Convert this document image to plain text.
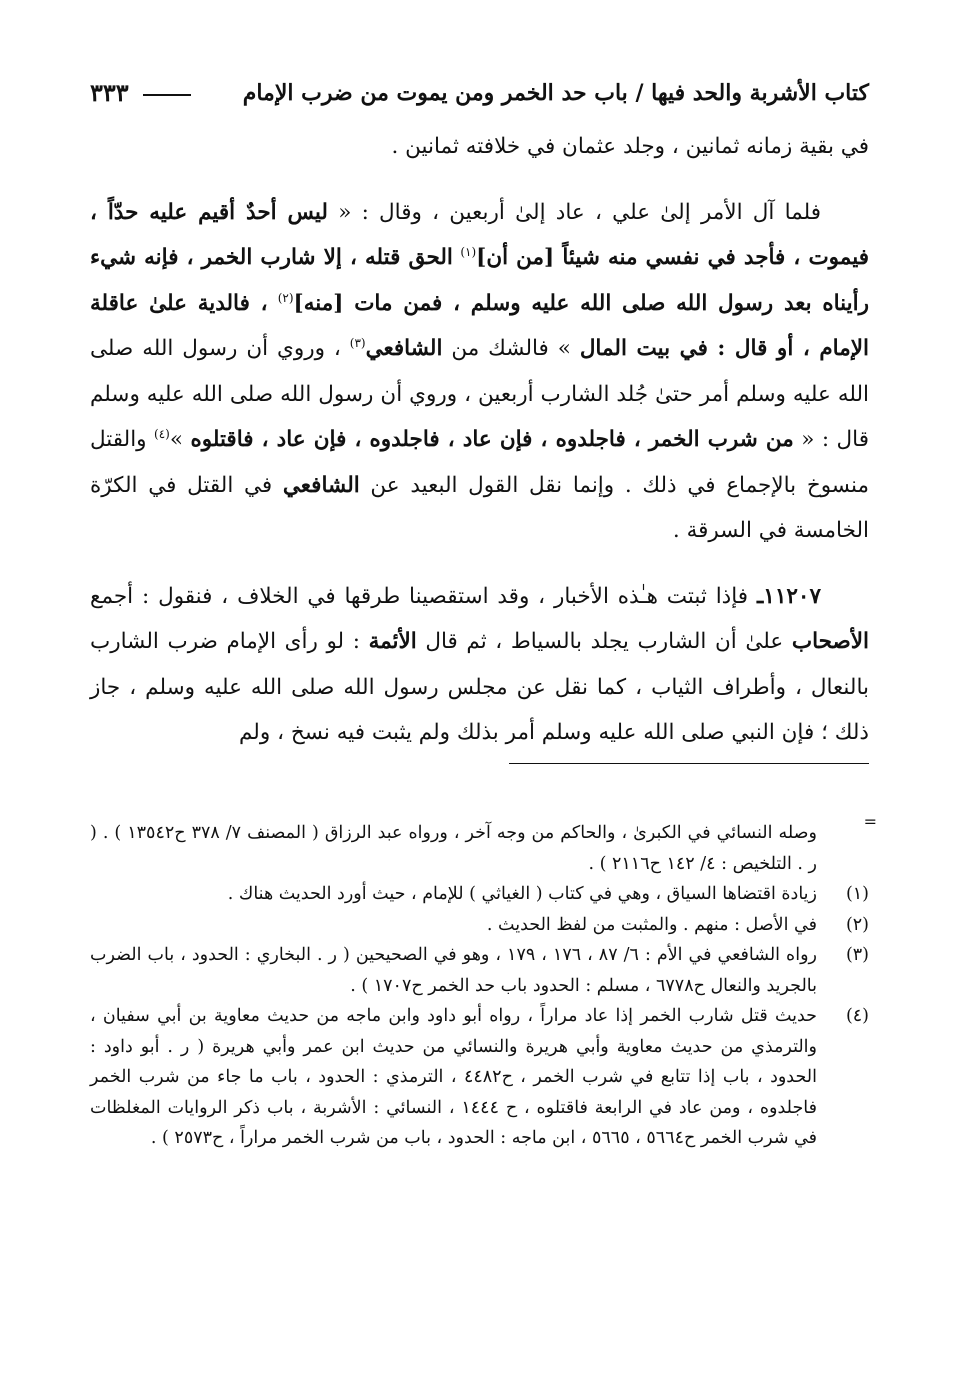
كتاب الأشربة والحد فيها / باب حد الخمر ومن يموت من ضرب الإمام
٣٣٣

في بقية زمانه ثمانين ، وجلد عثمان في خلافته ثمانين .

فلما آل الأمر إلىٰ علي ، عاد إلىٰ أربعين ، وقال : « ليس أحدٌ أقيم عليه حدّاً ، فيموت ، فأجد في نفسي منه شيئاً [من أن]$^{(١)}$ الحق قتله ، إلا شارب الخمر ، فإنه شيء رأيناه بعد رسول الله صلى الله عليه وسلم ، فمن مات [منه]$^{(٢)}$ ، فالدية علىٰ عاقلة الإمام ، أو قال : في بيت المال » فالشك من الشافعي$^{(٣)}$ ، وروي أن رسول الله صلى الله عليه وسلم أمر حتىٰ جُلد الشارب أربعين ، وروي أن رسول الله صلى الله عليه وسلم قال : « من شرب الخمر ، فاجلدوه ، فإن عاد ، فاجلدوه ، فإن عاد ، فاقتلوه »$^{(٤)}$ والقتل منسوخ بالإجماع في ذلك . وإنما نقل القول البعيد عن الشافعي في القتل في الكرّة الخامسة في السرقة .

١١٢٠٧ـ فإذا ثبتت هـٰذه الأخبار ، وقد استقصينا طرقها في الخلاف ، فنقول : أجمع الأصحاب علىٰ أن الشارب يجلد بالسياط ، ثم قال الأئمة : لو رأى الإمام ضرب الشارب بالنعال ، وأطراف الثياب ، كما نقل عن مجلس رسول الله صلى الله عليه وسلم ، جاز ذلك ؛ فإن النبي صلى الله عليه وسلم أمر بذلك ولم يثبت فيه نسخ ، ولم

=
وصله النسائي في الكبرىٰ ، والحاكم من وجه آخر ، ورواه عبد الرزاق ( المصنف ٧/ ٣٧٨ ح١٣٥٤٢ ) . ( ر . التلخيص : ٤/ ١٤٢ ح٢١١٦ ) .
(١)
زيادة اقتضاها السياق ، وهي في كتاب ( الغياثي ) للإمام ، حيث أورد الحديث هناك .
(٢)
في الأصل : منهم . والمثبت من لفظ الحديث .
(٣)
رواه الشافعي في الأم : ٦/ ٨٧ ، ١٧٦ ، ١٧٩ ، وهو في الصحيحين ( ر . البخاري : الحدود ، باب الضرب بالجريد والنعال ح٦٧٧٨ ، مسلم : الحدود باب حد الخمر ح١٧٠٧ ) .
(٤)
حديث قتل شارب الخمر إذا عاد مراراً ، رواه أبو داود وابن ماجه من حديث معاوية بن أبي سفيان ، والترمذي من حديث معاوية وأبي هريرة والنسائي من حديث ابن عمر وأبي هريرة ( ر . أبو داود : الحدود ، باب إذا تتابع في شرب الخمر ، ح٤٤٨٢ ، الترمذي : الحدود ، باب ما جاء من شرب الخمر فاجلدوه ، ومن عاد في الرابعة فاقتلوه ، ح ١٤٤٤ ، النسائي : الأشربة ، باب ذكر الروايات المغلظات في شرب الخمر ح٥٦٦٤ ، ٥٦٦٥ ، ابن ماجه : الحدود ، باب من شرب الخمر مراراً ، ح٢٥٧٣ ) .
